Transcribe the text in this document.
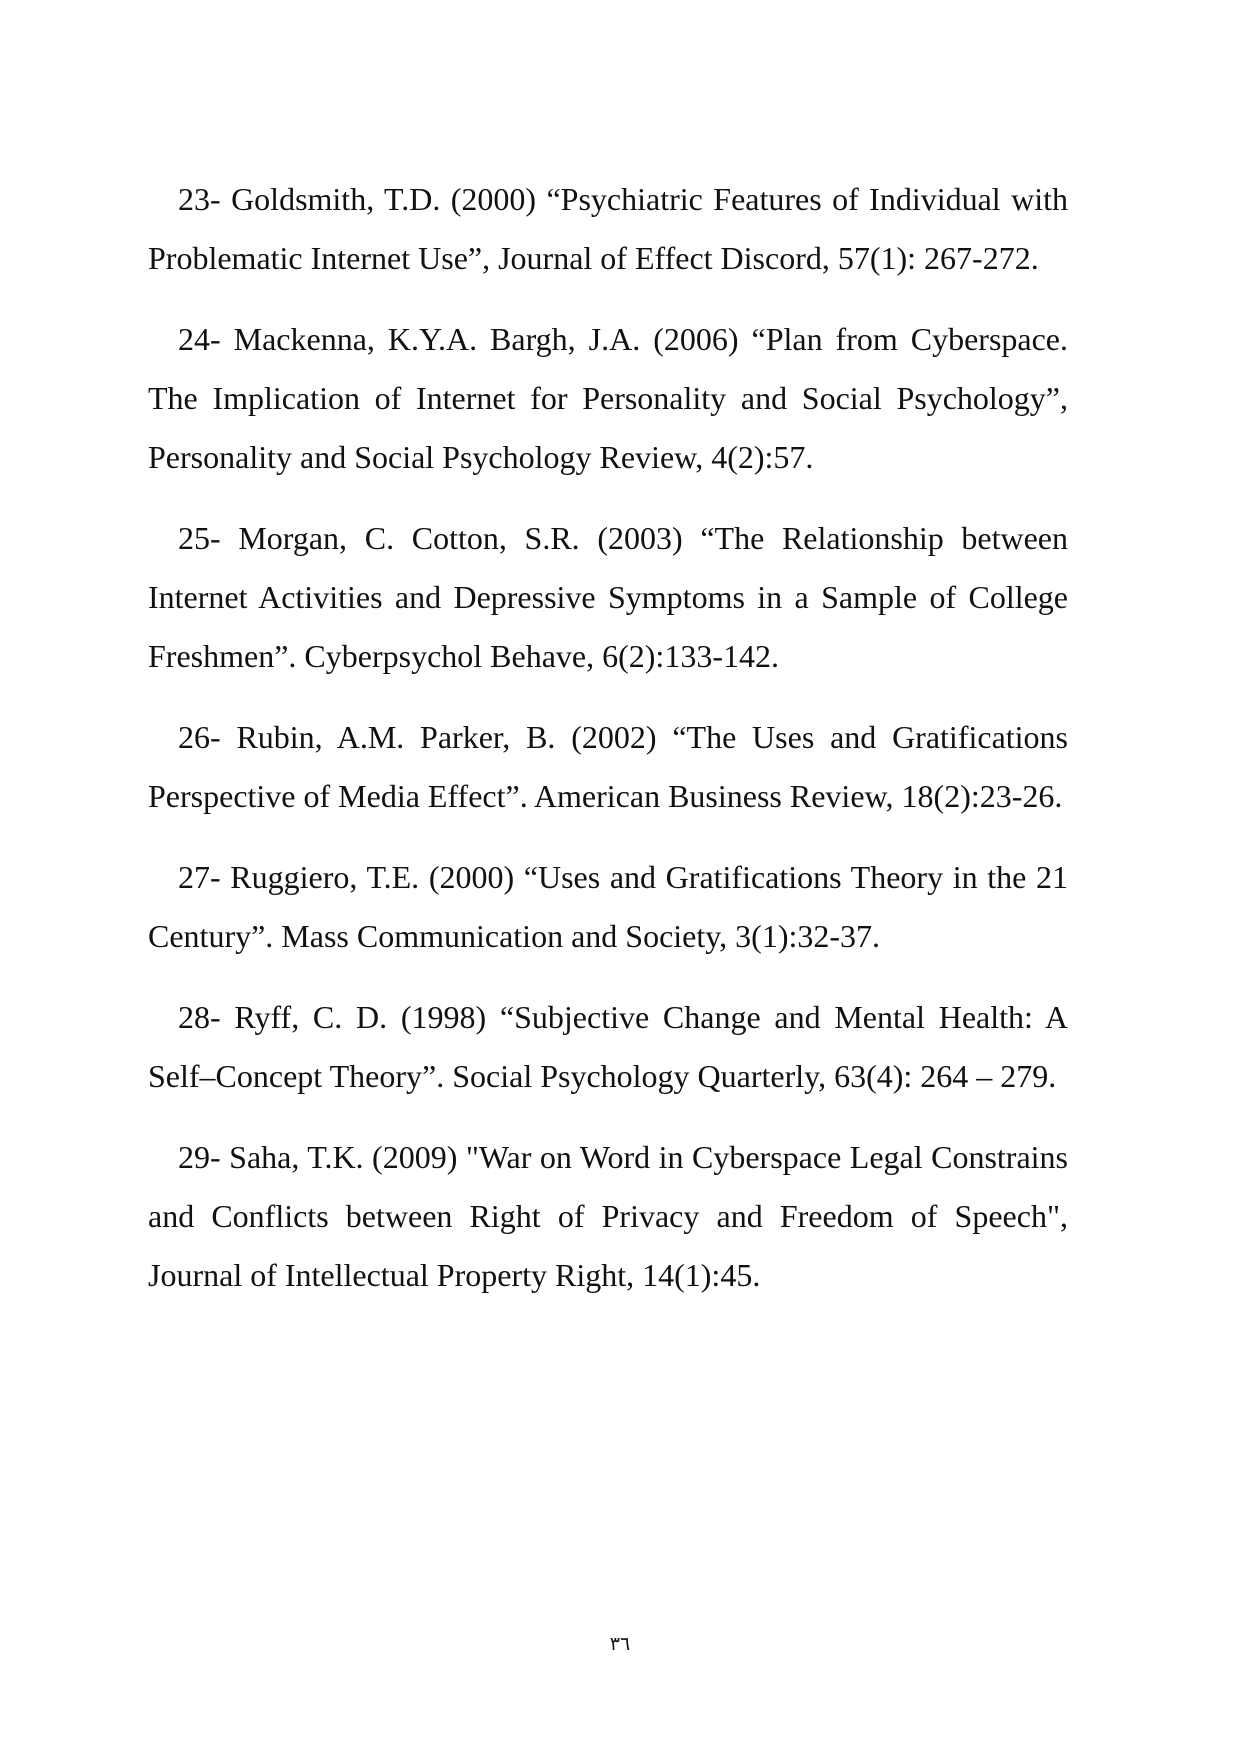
23- Goldsmith, T.D. (2000) “Psychiatric Features of Individual with Problematic Internet Use”, Journal of Effect Discord, 57(1): 267-272.
24- Mackenna, K.Y.A. Bargh, J.A. (2006) “Plan from Cyberspace. The Implication of Internet for Personality and Social Psychology”, Personality and Social Psychology Review, 4(2):57.
25- Morgan, C. Cotton, S.R. (2003) “The Relationship between Internet Activities and Depressive Symptoms in a Sample of College Freshmen”. Cyberpsychol Behave, 6(2):133-142.
26- Rubin, A.M. Parker, B. (2002) “The Uses and Gratifications Perspective of Media Effect”. American Business Review, 18(2):23-26.
27- Ruggiero, T.E. (2000) “Uses and Gratifications Theory in the 21 Century”. Mass Communication and Society, 3(1):32-37.
28- Ryff, C. D. (1998) “Subjective Change and Mental Health: A Self–Concept Theory”. Social Psychology Quarterly, 63(4): 264 – 279.
29- Saha, T.K. (2009) "War on Word in Cyberspace Legal Constrains and Conflicts between Right of Privacy and Freedom of Speech", Journal of Intellectual Property Right, 14(1):45.
٣٦
